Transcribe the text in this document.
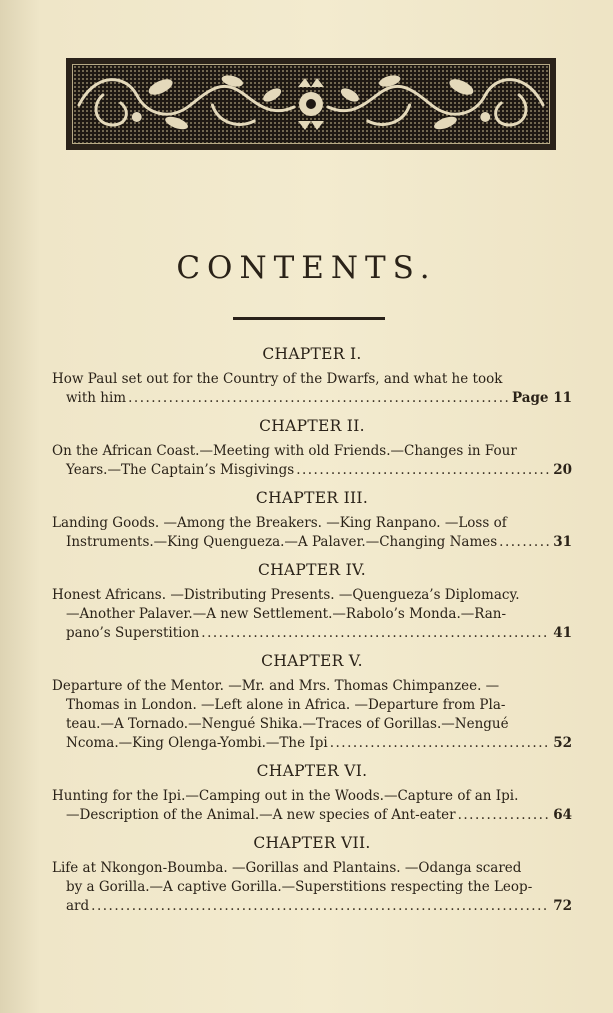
CONTENTS.
CHAPTER I.
How Paul set out for the Country of the Dwarfs, and what he took
with him .....	Page 11
CHAPTER II.
On the African Coast.—Meeting with old Friends.—Changes in Four
Years.—The Captain’s Misgivings .....	20
CHAPTER III.
Landing Goods. —Among the Breakers. —King Ranpano. —Loss of
Instruments.—King Quengueza.—A Palaver.—Changing Names .....	31
CHAPTER IV.
Honest Africans. —Distributing Presents. —Quengueza’s Diplomacy.
—Another Palaver.—A new Settlement.—Rabolo’s Monda.—Ran-
pano’s Superstition .....	41
CHAPTER V.
Departure of the Mentor. —Mr. and Mrs. Thomas Chimpanzee. —
Thomas in London. —Left alone in Africa. —Departure from Pla-
teau.—A Tornado.—Nengué Shika.—Traces of Gorillas.—Nengué
Ncoma.—King Olenga-Yombi.—The Ipi .....	52
CHAPTER VI.
Hunting for the Ipi.—Camping out in the Woods.—Capture of an Ipi.
—Description of the Animal.—A new species of Ant-eater .....	64
CHAPTER VII.
Life at Nkongon-Boumba. —Gorillas and Plantains. —Odanga scared
by a Gorilla.—A captive Gorilla.—Superstitions respecting the Leop-
ard .....	72
